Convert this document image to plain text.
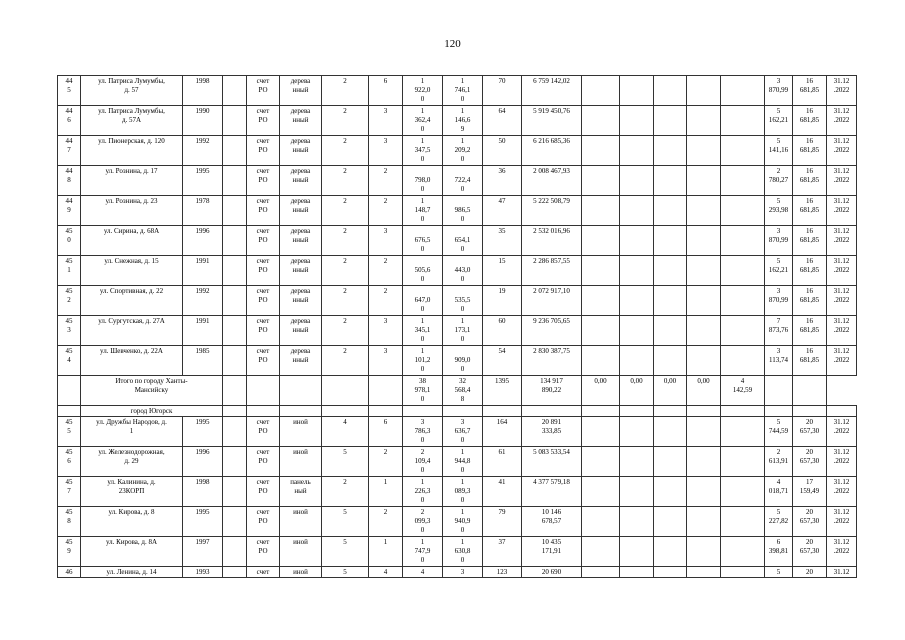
120
44
5	ул. Патриса Лумумбы,
д. 57	1998		счет
РО	дерева
нный	2	6	1
922,0
0	1
746,1
0	70	6 759 142,02						3
870,99	16
681,85	31.12
.2022
44
6	ул. Патриса Лумумбы,
д. 57А	1990		счет
РО	дерева
нный	2	3	1
362,4
0	1
146,6
9	64	5 919 450,76						5
162,21	16
681,85	31.12
.2022
44
7	ул. Пионерская, д. 120	1992		счет
РО	дерева
нный	2	3	1
347,5
0	1
209,2
0	50	6 216 685,36						5
141,16	16
681,85	31.12
.2022
44
8	ул. Рознина, д. 17	1995		счет
РО	дерева
нный	2	2	798,0
0	722,4
0	36	2 008 467,93						2
780,27	16
681,85	31.12
.2022
44
9	ул. Рознина, д. 23	1978		счет
РО	дерева
нный	2	2	1
148,7
0	986,5
0	47	5 222 508,79						5
293,98	16
681,85	31.12
.2022
45
0	ул. Сирина, д. 68А	1996		счет
РО	дерева
нный	2	3	676,5
0	654,1
0	35	2 532 016,96						3
870,99	16
681,85	31.12
.2022
45
1	ул. Снежная, д. 15	1991		счет
РО	дерева
нный	2	2	505,6
0	443,0
0	15	2 286 857,55						5
162,21	16
681,85	31.12
.2022
45
2	ул. Спортивная, д. 22	1992		счет
РО	дерева
нный	2	2	647,0
0	535,5
0	19	2 072 917,10						3
870,99	16
681,85	31.12
.2022
45
3	ул. Сургутская, д. 27А	1991		счет
РО	дерева
нный	2	3	1
345,1
0	1
173,1
0	60	9 236 705,65						7
873,76	16
681,85	31.12
.2022
45
4	ул. Шевченко, д. 22А	1985		счет
РО	дерева
нный	2	3	1
101,2
0	909,0
0	54	2 830 387,75						3
113,74	16
681,85	31.12
.2022
	Итого по городу Ханты-
Мансийску							38
978,1
0	32
568,4
8	1395	134 917
890,22	0,00	0,00	0,00	0,00	4
142,59			
	город Югорск																		
45
5	ул. Дружбы Народов, д.
1	1995		счет
РО	иной	4	6	3
786,3
0	3
636,7
0	164	20 891
333,85						5
744,59	20
657,30	31.12
.2022
45
6	ул. Железнодорожная,
д. 29	1996		счет
РО	иной	5	2	2
109,4
0	1
944,8
0	61	5 083 533,54						2
613,91	20
657,30	31.12
.2022
45
7	ул. Калинина, д.
23КОРП	1998		счет
РО	панель
ный	2	1	1
226,3
0	1
089,3
0	41	4 377 579,18						4
018,71	17
159,49	31.12
.2022
45
8	ул. Кирова, д. 8	1995		счет
РО	иной	5	2	2
099,3
0	1
940,9
0	79	10 146
678,57						5
227,82	20
657,30	31.12
.2022
45
9	ул. Кирова, д. 8А	1997		счет
РО	иной	5	1	1
747,9
0	1
630,8
0	37	10 435
171,91						6
398,81	20
657,30	31.12
.2022
46	ул. Ленина, д. 14	1993		счет	иной	5	4	4	3	123	20 690						5	20	31.12
